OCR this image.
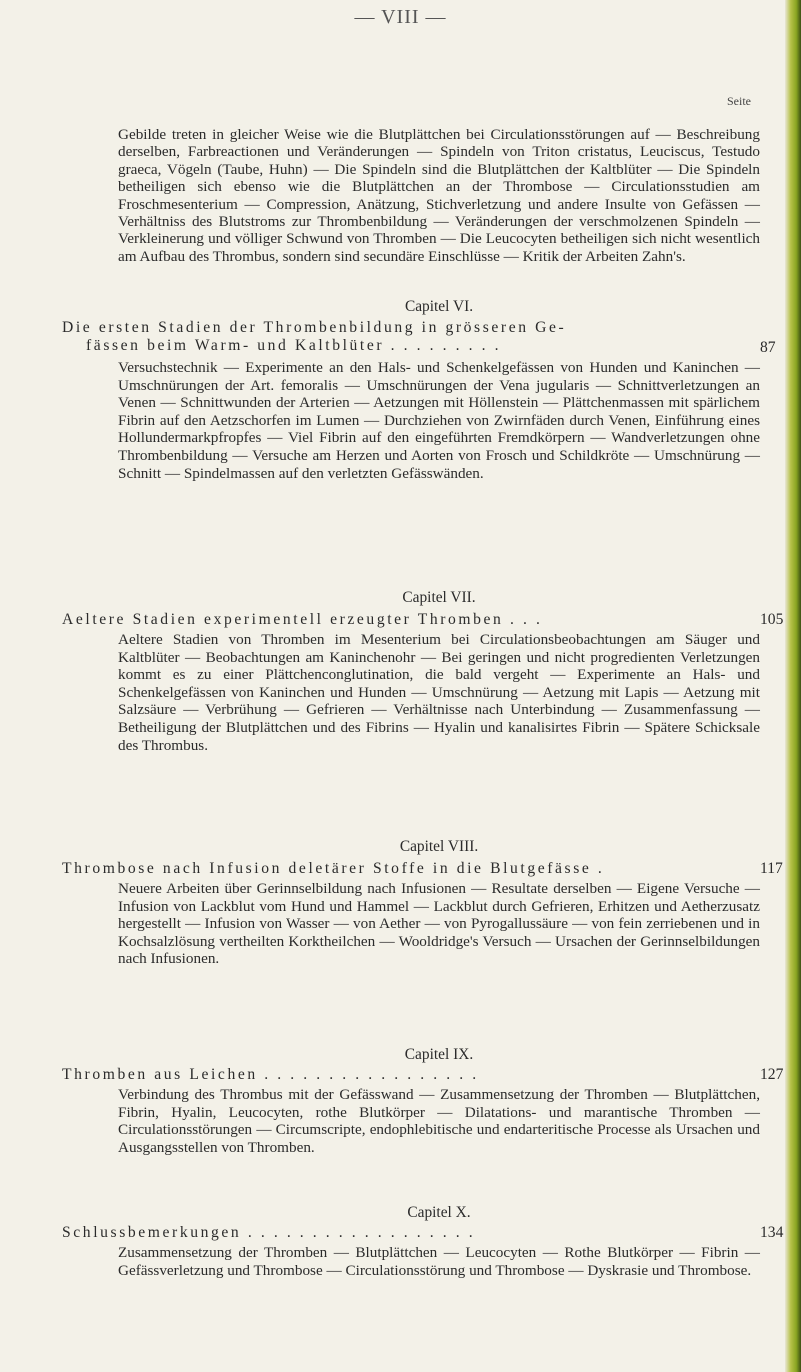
— VIII —
Seite
Gebilde treten in gleicher Weise wie die Blutplättchen bei Circulationsstörungen auf — Beschreibung derselben, Farbreactionen und Veränderungen — Spindeln von Triton cristatus, Leuciscus, Testudo graeca, Vögeln (Taube, Huhn) — Die Spindeln sind die Blutplättchen der Kaltblüter — Die Spindeln betheiligen sich ebenso wie die Blutplättchen an der Thrombose — Circulationsstudien am Froschmesenterium — Compression, Anätzung, Stichverletzung und andere Insulte von Gefässen — Verhältniss des Blutstroms zur Thrombenbildung — Veränderungen der verschmolzenen Spindeln — Verkleinerung und völliger Schwund von Thromben — Die Leucocyten betheiligen sich nicht wesentlich am Aufbau des Thrombus, sondern sind secundäre Einschlüsse — Kritik der Arbeiten Zahn's.
Capitel VI.
Die ersten Stadien der Thrombenbildung in grösseren Ge-
fässen beim Warm- und Kaltblüter . . . . . . . . .	87
Versuchstechnik — Experimente an den Hals- und Schenkelgefässen von Hunden und Kaninchen — Umschnürungen der Art. femoralis — Umschnürungen der Vena jugularis — Schnittverletzungen an Venen — Schnittwunden der Arterien — Aetzungen mit Höllenstein — Plättchenmassen mit spärlichem Fibrin auf den Aetzschorfen im Lumen — Durchziehen von Zwirnfäden durch Venen, Einführung eines Hollundermarkpfropfes — Viel Fibrin auf den eingeführten Fremdkörpern — Wandverletzungen ohne Thrombenbildung — Versuche am Herzen und Aorten von Frosch und Schildkröte — Umschnürung — Schnitt — Spindelmassen auf den verletzten Gefässwänden.
Capitel VII.
Aeltere Stadien experimentell erzeugter Thromben . . .	105
Aeltere Stadien von Thromben im Mesenterium bei Circulationsbeobachtungen am Säuger und Kaltblüter — Beobachtungen am Kaninchenohr — Bei geringen und nicht progredienten Verletzungen kommt es zu einer Plättchenconglutination, die bald vergeht — Experimente an Hals- und Schenkelgefässen von Kaninchen und Hunden — Umschnürung — Aetzung mit Lapis — Aetzung mit Salzsäure — Verbrühung — Gefrieren — Verhältnisse nach Unterbindung — Zusammenfassung — Betheiligung der Blutplättchen und des Fibrins — Hyalin und kanalisirtes Fibrin — Spätere Schicksale des Thrombus.
Capitel VIII.
Thrombose nach Infusion deletärer Stoffe in die Blutgefässe .	117
Neuere Arbeiten über Gerinnselbildung nach Infusionen — Resultate derselben — Eigene Versuche — Infusion von Lackblut vom Hund und Hammel — Lackblut durch Gefrieren, Erhitzen und Aetherzusatz hergestellt — Infusion von Wasser — von Aether — von Pyrogallussäure — von fein zerriebenen und in Kochsalzlösung vertheilten Korktheilchen — Wooldridge's Versuch — Ursachen der Gerinnselbildungen nach Infusionen.
Capitel IX.
Thromben aus Leichen . . . . . . . . . . . . . . . . .	127
Verbindung des Thrombus mit der Gefässwand — Zusammensetzung der Thromben — Blutplättchen, Fibrin, Hyalin, Leucocyten, rothe Blutkörper — Dilatations- und marantische Thromben — Circulationsstörungen — Circumscripte, endophlebitische und endarteritische Processe als Ursachen und Ausgangsstellen von Thromben.
Capitel X.
Schlussbemerkungen . . . . . . . . . . . . . . . . . .	134
Zusammensetzung der Thromben — Blutplättchen — Leucocyten — Rothe Blutkörper — Fibrin — Gefässverletzung und Thrombose — Circulationsstörung und Thrombose — Dyskrasie und Thrombose.
